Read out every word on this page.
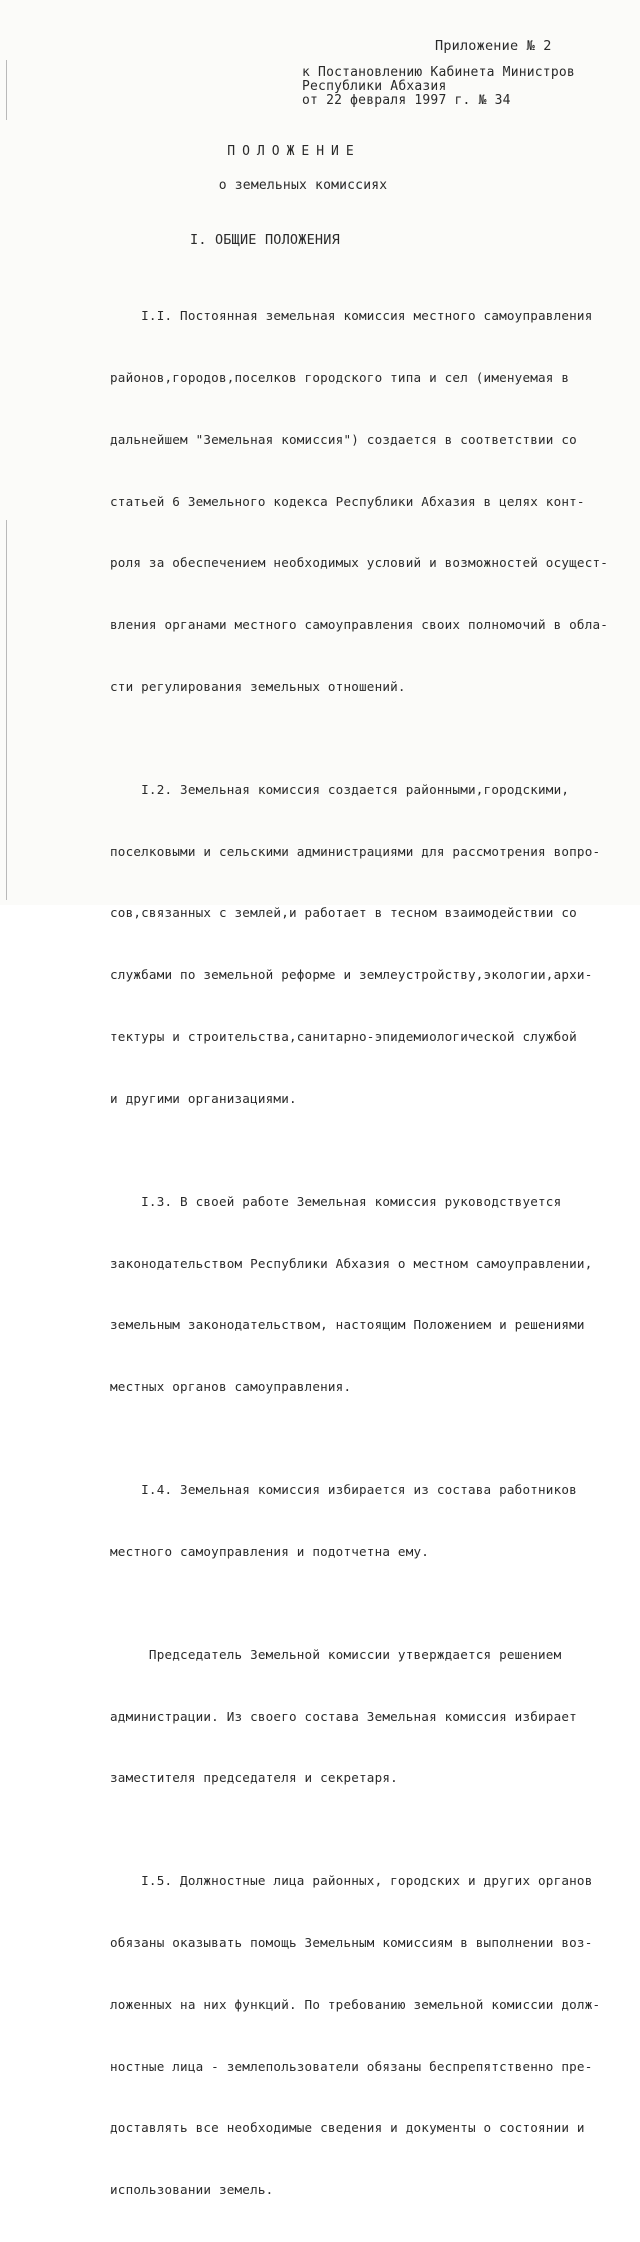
Приложение № 2
к Постановлению Кабинета Министров
Республики Абхазия
от 22 февраля 1997 г. № 34
ПОЛОЖЕНИЕ
о земельных комиссиях
I. ОБЩИЕ ПОЛОЖЕНИЯ

I.I. Постоянная земельная комиссия местного самоуправления

районов,городов,поселков городского типа и сел (именуемая в

дальнейшем "Земельная комиссия") создается в соответствии со

статьей 6 Земельного кодекса Республики Абхазия в целях конт-

роля за обеспечением необходимых условий и возможностей осущест-

вления органами местного самоуправления своих полномочий в обла-

сти регулирования земельных отношений.

I.2. Земельная комиссия создается районными,городскими,

поселковыми и сельскими администрациями для рассмотрения вопро-

сов,связанных с землей,и работает в тесном взаимодействии со

службами по земельной реформе и землеустройству,экологии,архи-

тектуры и строительства,санитарно-эпидемиологической службой

и другими организациями.

I.3. В своей работе Земельная комиссия руководствуется

законодательством Республики Абхазия о местном самоуправлении,

земельным законодательством, настоящим Положением и решениями

местных органов самоуправления.

I.4. Земельная комиссия избирается из состава работников

местного самоуправления и подотчетна ему.

Председатель Земельной комиссии утверждается решением

администрации. Из своего состава Земельная комиссия избирает

заместителя председателя и секретаря.

I.5. Должностные лица районных, городских и других органов

обязаны оказывать помощь Земельным комиссиям в выполнении воз-

ложенных на них функций. По требованию земельной комиссии долж-

ностные лица - землепользователи обязаны беспрепятственно пре-

доставлять все необходимые сведения и документы о состоянии и

использовании земель.
